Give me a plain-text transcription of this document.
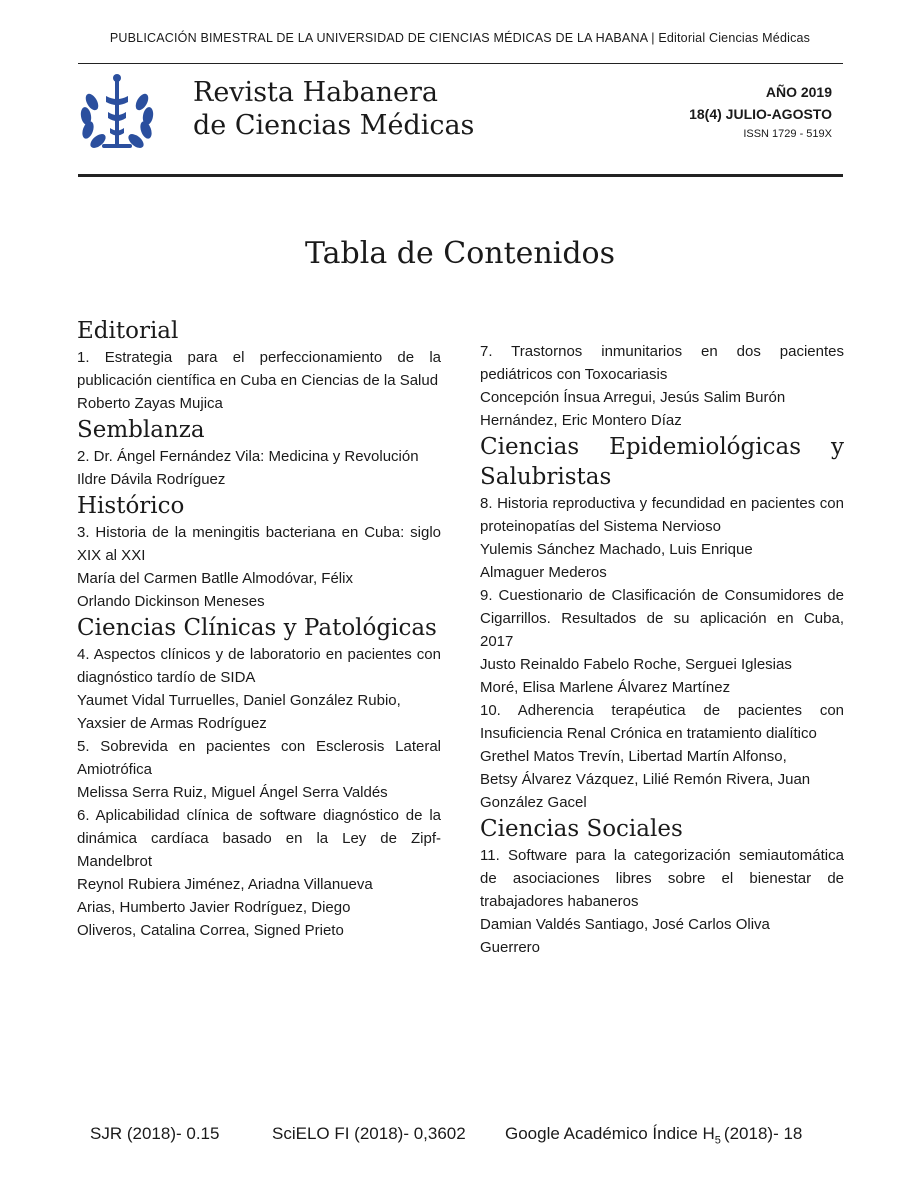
PUBLICACIÓN BIMESTRAL DE LA UNIVERSIDAD DE CIENCIAS MÉDICAS DE LA HABANA | Editorial Ciencias Médicas
Revista Habanera
de Ciencias Médicas
AÑO 2019
18(4) JULIO-AGOSTO
ISSN 1729 - 519X
Tabla de Contenidos

Editorial

1. Estrategia para el perfeccionamiento de la publicación científica en Cuba en Ciencias de la Salud

Roberto Zayas Mujica

Semblanza

2. Dr. Ángel Fernández Vila: Medicina y Revolución

Ildre Dávila Rodríguez

Histórico

3. Historia de la meningitis bacteriana en Cuba: siglo XIX al XXI

María del Carmen Batlle Almodóvar, Félix

Orlando Dickinson Meneses

Ciencias Clínicas y Patológicas

4. Aspectos clínicos y de laboratorio en pacientes con diagnóstico tardío de SIDA

Yaumet Vidal Turruelles, Daniel González Rubio,

Yaxsier de Armas Rodríguez

5. Sobrevida en pacientes con Esclerosis Lateral Amiotrófica

Melissa Serra Ruiz, Miguel Ángel Serra Valdés

6. Aplicabilidad clínica de software diagnóstico de la dinámica cardíaca basado en la Ley de Zipf-Mandelbrot

Reynol Rubiera Jiménez, Ariadna Villanueva

Arias, Humberto Javier Rodríguez, Diego

Oliveros, Catalina Correa, Signed Prieto

7. Trastornos inmunitarios en dos pacientes pediátricos con Toxocariasis

Concepción Ínsua Arregui, Jesús Salim Burón

Hernández, Eric Montero Díaz

Ciencias Epidemiológicas y Salubristas

8. Historia reproductiva y fecundidad en pacientes con proteinopatías del Sistema Nervioso

Yulemis Sánchez Machado, Luis Enrique

Almaguer Mederos

9. Cuestionario de Clasificación de Consumidores de Cigarrillos. Resultados de su aplicación en Cuba, 2017

Justo Reinaldo Fabelo Roche, Serguei Iglesias

Moré, Elisa Marlene Álvarez Martínez

10. Adherencia terapéutica de pacientes con Insuficiencia Renal Crónica en tratamiento dialítico

Grethel Matos Trevín, Libertad Martín Alfonso,

Betsy Álvarez Vázquez, Lilié Remón Rivera, Juan

González Gacel

Ciencias Sociales

11. Software para la categorización semiautomática de asociaciones libres sobre el bienestar de trabajadores habaneros

Damian Valdés Santiago, José Carlos Oliva

Guerrero

SJR (2018)- 0.15	SciELO FI (2018)- 0,3602 Google Académico Índice $H_5$ (2018)- 18
